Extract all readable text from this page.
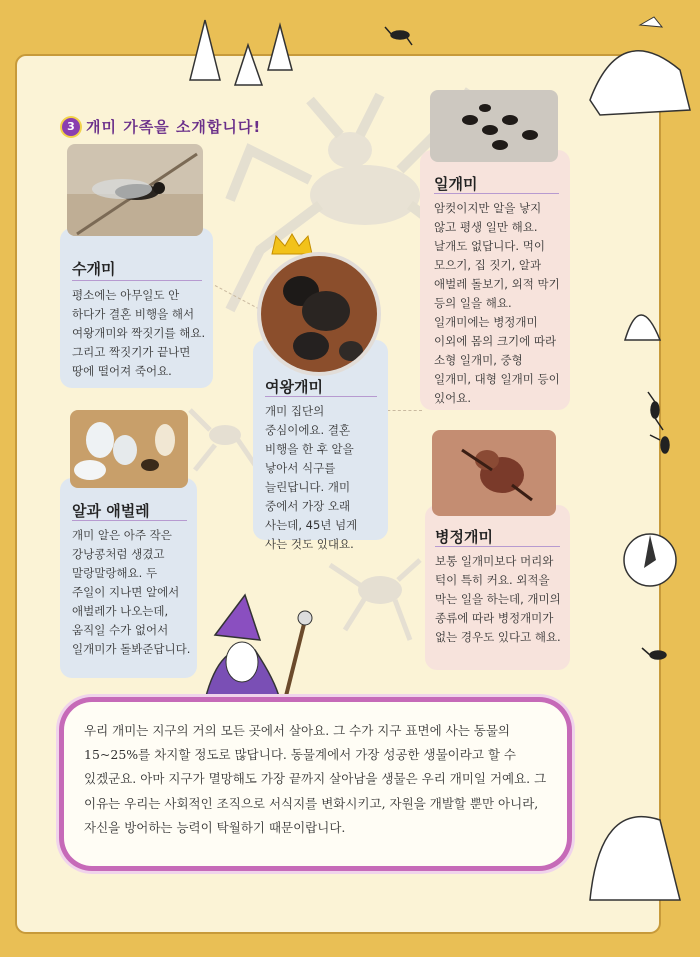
3 개미 가족을 소개합니다!
수개미
평소에는 아무일도 안 하다가 결혼 비행을 해서 여왕개미와 짝짓기를 해요. 그리고 짝짓기가 끝나면 땅에 떨어져 죽어요.
알과 애벌레
개미 알은 아주 작은 강낭콩처럼 생겼고 말랑말랑해요. 두 주일이 지나면 알에서 애벌레가 나오는데, 움직일 수가 없어서 일개미가 돌봐준답니다.
여왕개미
개미 집단의 중심이에요. 결혼 비행을 한 후 알을 낳아서 식구를 늘린답니다. 개미 중에서 가장 오래 사는데, 45년 넘게 사는 것도 있대요.
일개미
암컷이지만 알을 낳지 않고 평생 일만 해요. 날개도 없답니다. 먹이 모으기, 집 짓기, 알과 애벌레 돌보기, 외적 막기 등의 일을 해요. 일개미에는 병정개미 이외에 몸의 크기에 따라 소형 일개미, 중형 일개미, 대형 일개미 등이 있어요.
병정개미
보통 일개미보다 머리와 턱이 특히 커요. 외적을 막는 일을 하는데, 개미의 종류에 따라 병정개미가 없는 경우도 있다고 해요.
우리 개미는 지구의 거의 모든 곳에서 살아요. 그 수가 지구 표면에 사는 동물의 15~25%를 차지할 정도로 많답니다. 동물계에서 가장 성공한 생물이라고 할 수 있겠군요. 아마 지구가 멸망해도 가장 끝까지 살아남을 생물은 우리 개미일 거예요. 그 이유는 우리는 사회적인 조직으로 서식지를 변화시키고, 자원을 개발할 뿐만 아니라, 자신을 방어하는 능력이 탁월하기 때문이랍니다.
